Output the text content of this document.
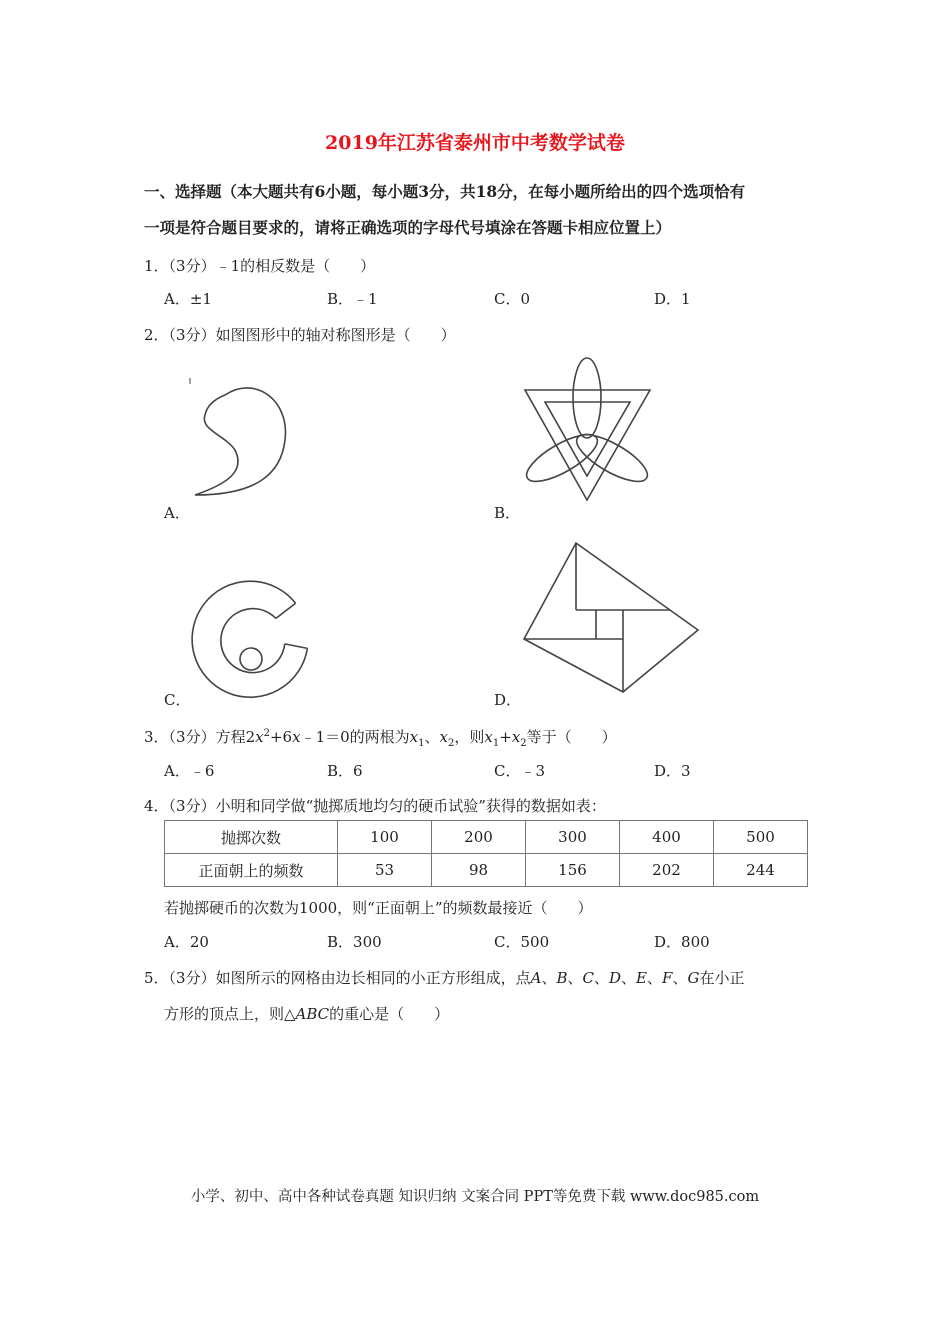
2019年江苏省泰州市中考数学试卷
一、选择题（本大题共有6小题，每小题3分，共18分，在每小题所给出的四个选项恰有
一项是符合题目要求的，请将正确选项的字母代号填涂在答题卡相应位置上）
1．（3分）﹣1的相反数是（　　）
A．±1	B．﹣1	C．0	D．1
2．（3分）如图图形中的轴对称图形是（　　）
A．	B．
C．	D．
3．（3分）方程$2x^2+6x﹣1=0$的两根为$x_1$、$x_2$，则$x_1+x_2$等于（　　）
A．﹣6	B．6	C．﹣3	D．3
4．（3分）小明和同学做“抛掷质地均匀的硬币试验”获得的数据如表：
抛掷次数	100	200	300	400	500
正面朝上的频数	53	98	156	202	244
若抛掷硬币的次数为1000，则“正面朝上”的频数最接近（　　）
A．20	B．300	C．500	D．800
5．（3分）如图所示的网格由边长相同的小正方形组成，点A、B、C、D、E、F、G在小正
方形的顶点上，则△ABC的重心是（　　）
小学、初中、高中各种试卷真题 知识归纳 文案合同 PPT等免费下载 www.doc985.com
